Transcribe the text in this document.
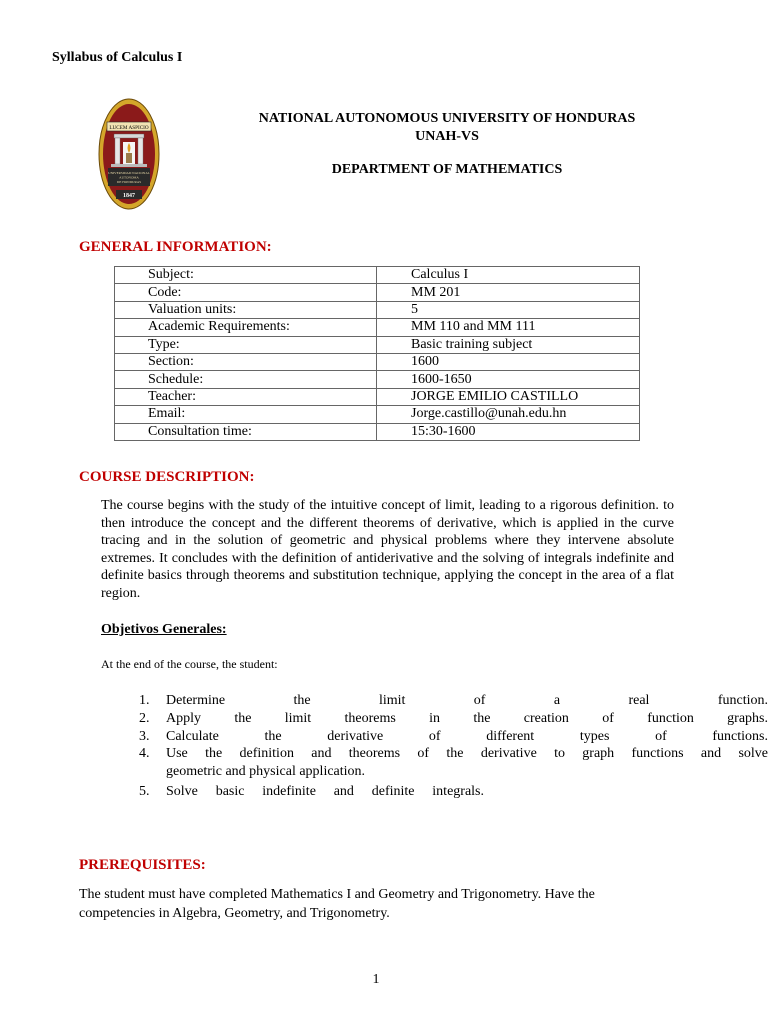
Syllabus of Calculus I
LUCEM ASPICIO
UNIVERSIDAD NACIONAL
AUTONOMA
DE HONDURAS
1847
NATIONAL AUTONOMOUS UNIVERSITY OF HONDURAS
UNAH-VS
DEPARTMENT OF MATHEMATICS
GENERAL INFORMATION:
Subject:	Calculus I
Code:	MM 201
Valuation units:	5
Academic Requirements:	MM 110 and MM 111
Type:	Basic training subject
Section:	1600
Schedule:	1600-1650
Teacher:	JORGE EMILIO CASTILLO
Email:	Jorge.castillo@unah.edu.hn
Consultation time:	15:30-1600
COURSE DESCRIPTION:
The course begins with the study of the intuitive concept of limit, leading to a rigorous definition. to then introduce the concept and the different theorems of derivative, which is applied in the curve tracing and in the solution of geometric and physical problems where they intervene absolute extremes. It concludes with the definition of antiderivative and the solving of integrals indefinite and definite basics through theorems and substitution technique, applying the concept in the area of a flat region.
Objetivos Generales:
At the end of the course, the student:
1. Determine the limit of a real function.
2. Apply the limit theorems in the creation of function graphs.
3. Calculate the derivative of different types of functions.
4. Use the definition and theorems of the derivative to graph functions and solve
geometric and physical application.
5. Solve basic indefinite and definite integrals.
PREREQUISITES:
The student must have completed Mathematics I and Geometry and Trigonometry. Have the competencies in Algebra, Geometry, and Trigonometry.
1
